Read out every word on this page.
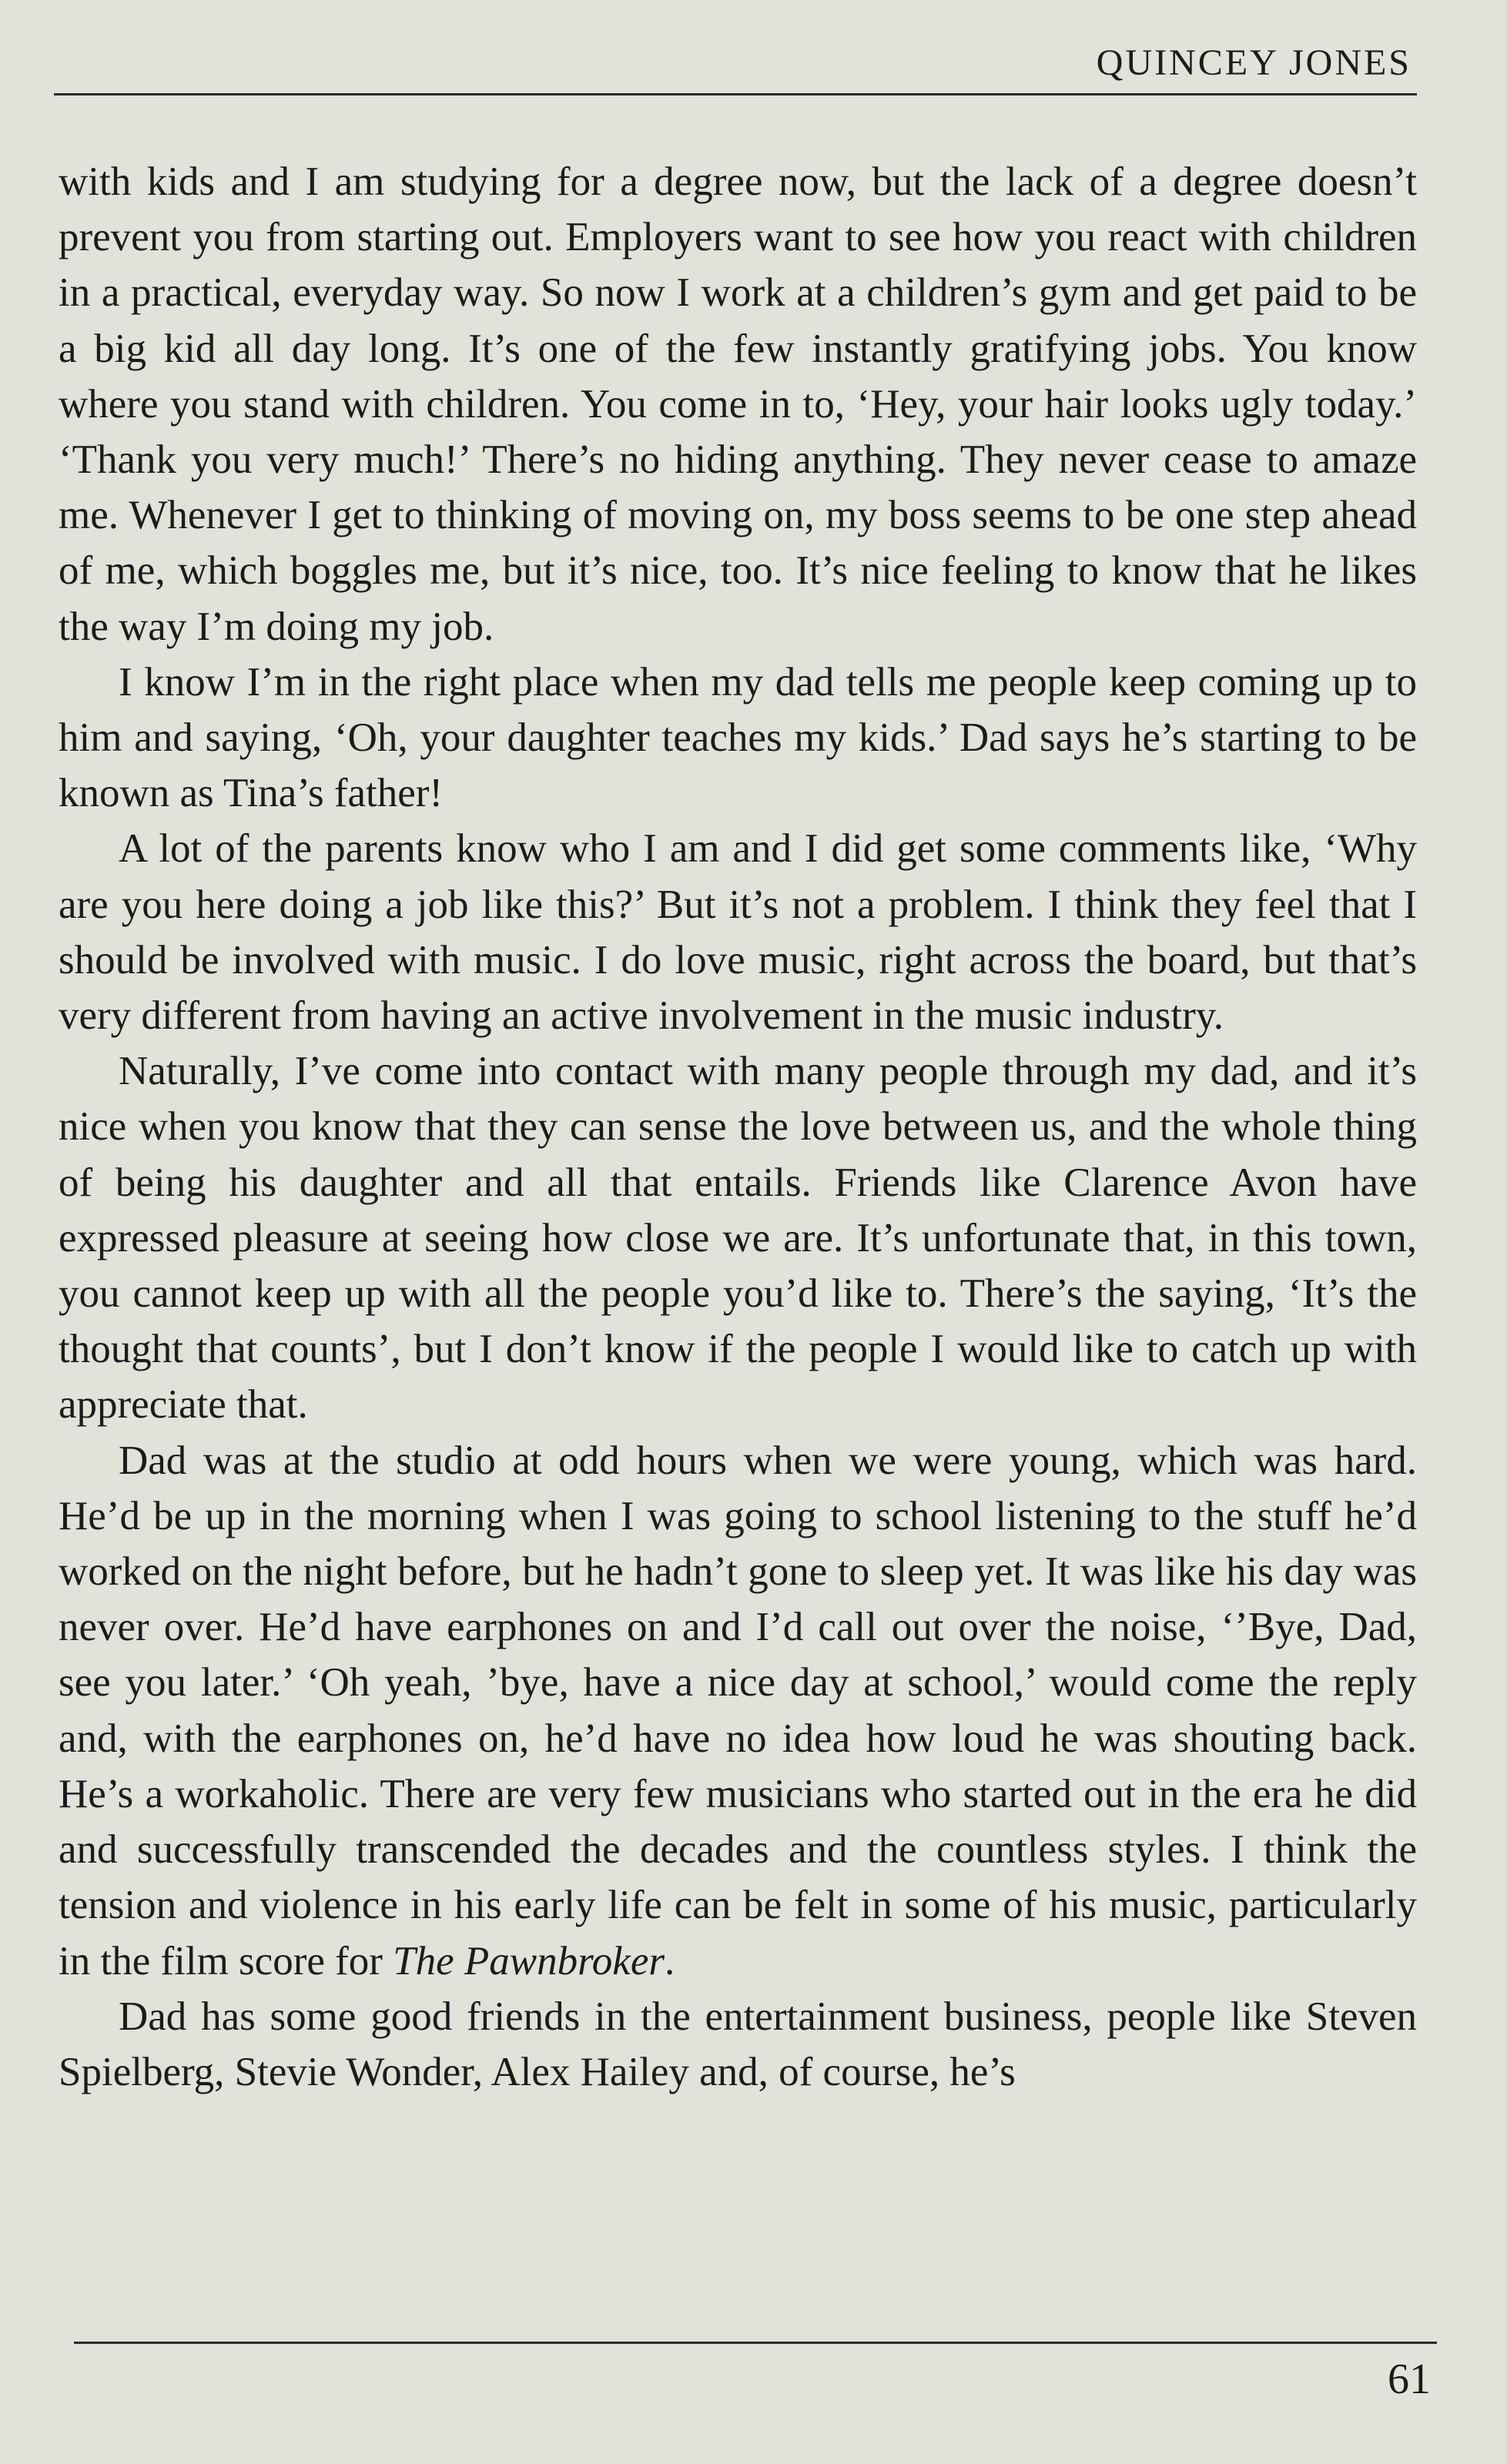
QUINCEY JONES

with kids and I am studying for a degree now, but the lack of a degree doesn’t prevent you from starting out. Employers want to see how you react with children in a practical, everyday way. So now I work at a children’s gym and get paid to be a big kid all day long. It’s one of the few instantly gratifying jobs. You know where you stand with children. You come in to, ‘Hey, your hair looks ugly today.’ ‘Thank you very much!’ There’s no hiding anything. They never cease to amaze me. Whenever I get to thinking of moving on, my boss seems to be one step ahead of me, which boggles me, but it’s nice, too. It’s nice feeling to know that he likes the way I’m doing my job.

I know I’m in the right place when my dad tells me people keep coming up to him and saying, ‘Oh, your daughter teaches my kids.’ Dad says he’s starting to be known as Tina’s father!

A lot of the parents know who I am and I did get some comments like, ‘Why are you here doing a job like this?’ But it’s not a problem. I think they feel that I should be involved with music. I do love music, right across the board, but that’s very different from having an active involvement in the music industry.

Naturally, I’ve come into contact with many people through my dad, and it’s nice when you know that they can sense the love between us, and the whole thing of being his daughter and all that entails. Friends like Clarence Avon have expressed pleasure at seeing how close we are. It’s unfortunate that, in this town, you cannot keep up with all the people you’d like to. There’s the saying, ‘It’s the thought that counts’, but I don’t know if the people I would like to catch up with appreciate that.

Dad was at the studio at odd hours when we were young, which was hard. He’d be up in the morning when I was going to school listening to the stuff he’d worked on the night before, but he hadn’t gone to sleep yet. It was like his day was never over. He’d have earphones on and I’d call out over the noise, ‘’Bye, Dad, see you later.’ ‘Oh yeah, ’bye, have a nice day at school,’ would come the reply and, with the earphones on, he’d have no idea how loud he was shouting back. He’s a workaholic. There are very few musicians who started out in the era he did and successfully transcended the decades and the countless styles. I think the tension and violence in his early life can be felt in some of his music, particularly in the film score for The Pawnbroker.

Dad has some good friends in the entertainment business, people like Steven Spielberg, Stevie Wonder, Alex Hailey and, of course, he’s

61
